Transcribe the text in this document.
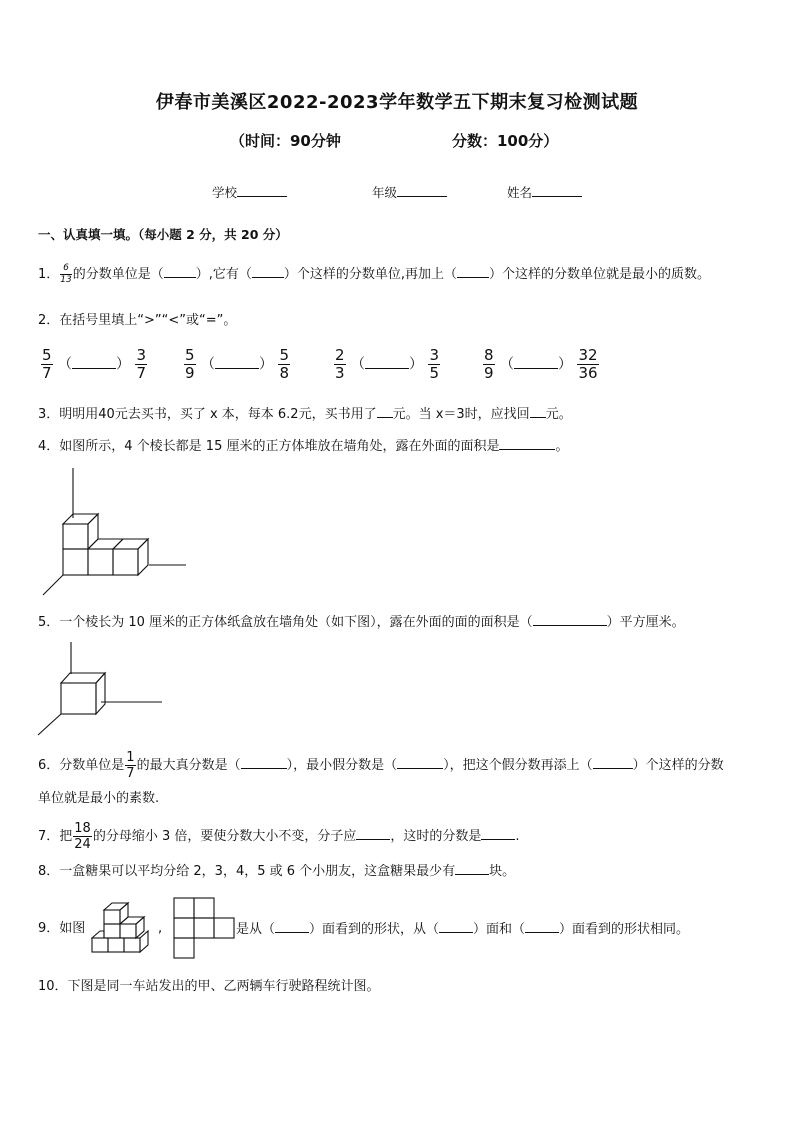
伊春市美溪区2022-2023学年数学五下期末复习检测试题
（时间：90分钟	分数：100分）
学校	年级	姓名
一、认真填一填。（每小题 2 分，共 20 分）
1． $\frac{6}{13}$ 的分数单位是（ ）,它有（ ）个这样的分数单位,再加上（ ）个这样的分数单位就是最小的质数。
2．在括号里填上“>”“<”或“=”。
$\frac{5}{7}$ （	） $\frac{3}{7} \frac{5}{9}$ （	） $\frac{5}{8}$	$\frac{2}{3}$ （	） $\frac{3}{5}$	$\frac{8}{9}$ （	） $\frac{32}{36}$
3．明明用40元去买书，买了 x 本，每本 6.2元，买书用了 元。当 x＝3时，应找回 元。
4．如图所示，4 个棱长都是 15 厘米的正方体堆放在墙角处，露在外面的面积是	。
5．一个棱长为 10 厘米的正方体纸盒放在墙角处（如下图），露在外面的面的面积是（	）平方厘米。
6．分数单位是 $\frac{1}{7}$ 的最大真分数是（	），最小假分数是（	），把这个假分数再添上（	）个这样的分数
单位就是最小的素数.
7．把 $\frac{18}{24}$ 的分母缩小 3 倍，要使分数大小不变，分子应	，这时的分数是	.
8．一盒糖果可以平均分给 2，3，4，5 或 6 个小朋友，这盒糖果最少有	块。
9．如图	,	是从（	）面看到的形状，从（	）面和（	）面看到的形状相同。
10．下图是同一车站发出的甲、乙两辆车行驶路程统计图。
